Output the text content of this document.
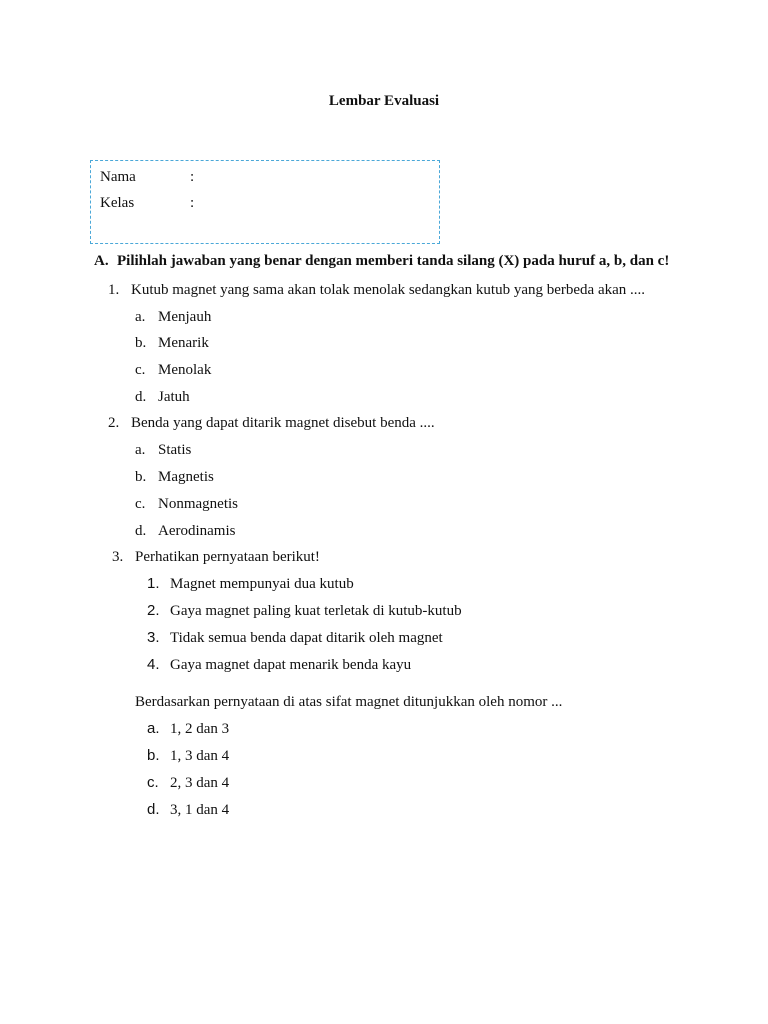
Lembar Evaluasi
Nama	:
Kelas	:
A. Pilihlah jawaban yang benar dengan memberi tanda silang (X) pada huruf a, b, dan c!
1. Kutub magnet yang sama akan tolak menolak sedangkan kutub yang berbeda akan ....
a. Menjauh
b. Menarik
c. Menolak
d. Jatuh
2. Benda yang dapat ditarik magnet disebut benda ....
a. Statis
b. Magnetis
c. Nonmagnetis
d. Aerodinamis
3. Perhatikan pernyataan berikut!
1. Magnet mempunyai dua kutub
2. Gaya magnet paling kuat terletak di kutub-kutub
3. Tidak semua benda dapat ditarik oleh magnet
4. Gaya magnet dapat menarik benda kayu
Berdasarkan pernyataan di atas sifat magnet ditunjukkan oleh nomor ...
a. 1, 2 dan 3
b. 1, 3 dan 4
c. 2, 3 dan 4
d. 3, 1 dan 4
